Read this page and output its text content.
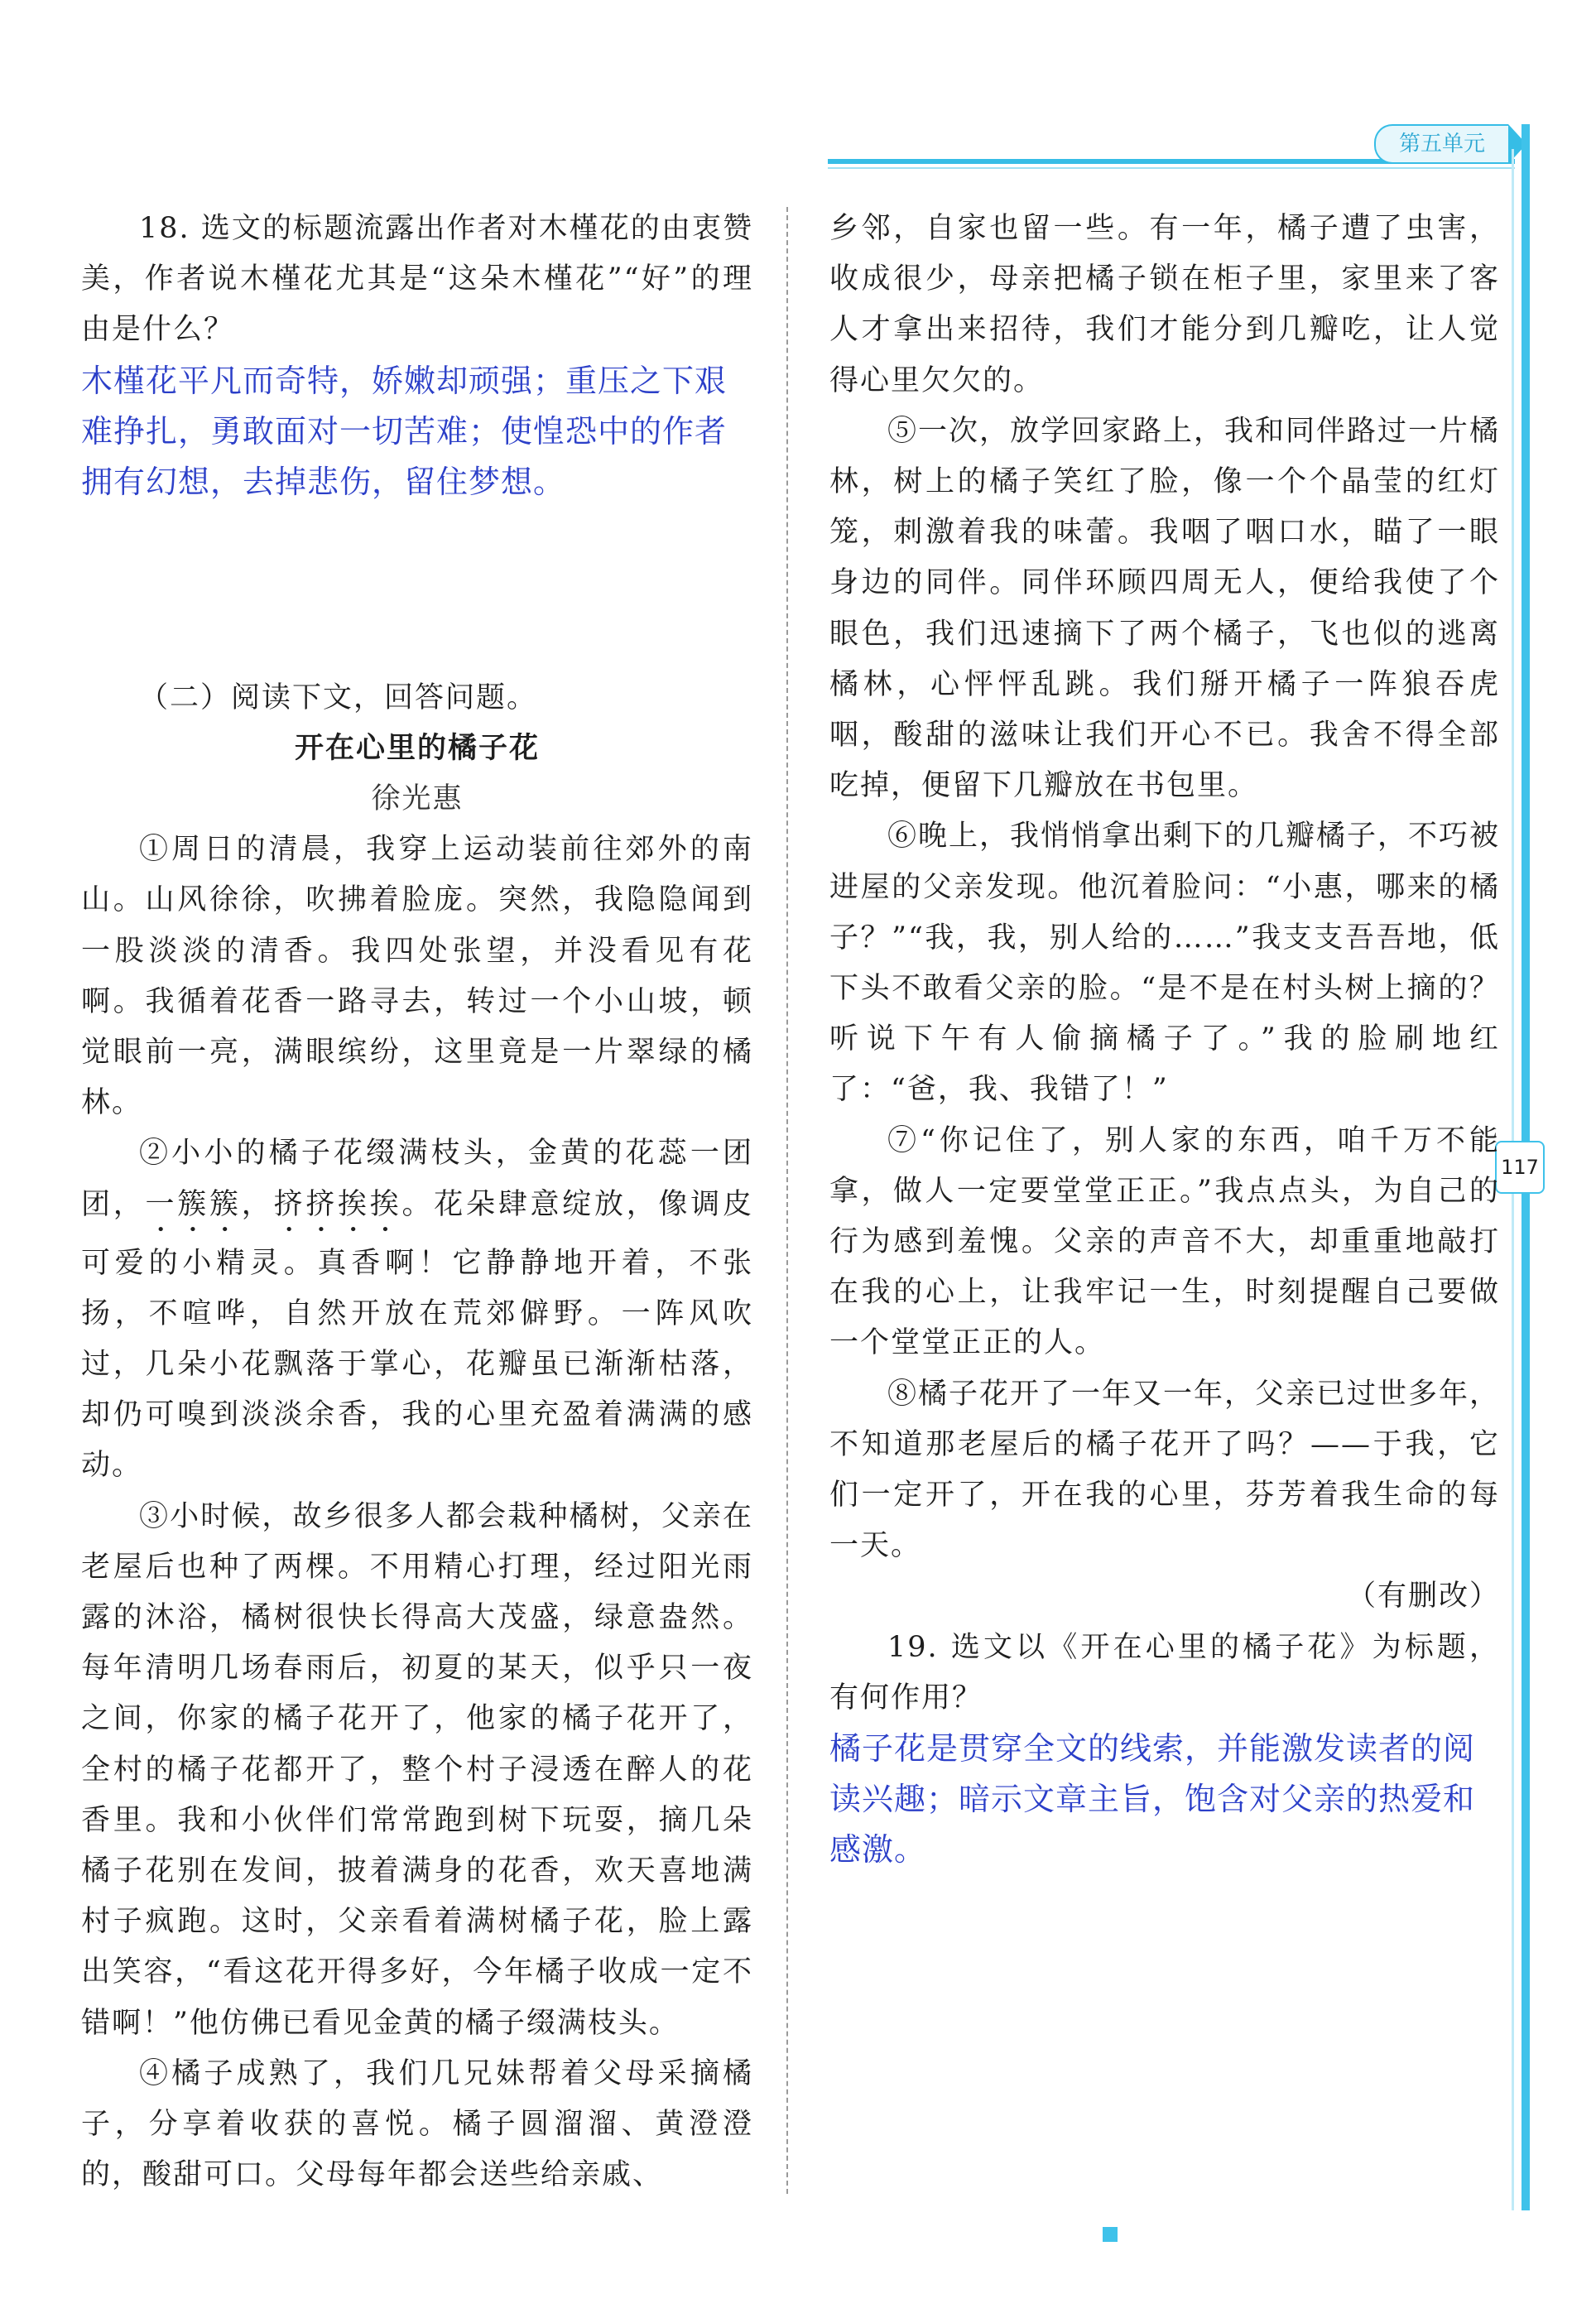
第五单元
117

18. 选文的标题流露出作者对木槿花的由衷赞美，作者说木槿花尤其是“这朵木槿花”“好”的理由是什么？

木槿花平凡而奇特，娇嫩却顽强；重压之下艰难挣扎，勇敢面对一切苦难；使惶恐中的作者拥有幻想，去掉悲伤，留住梦想。

（二）阅读下文，回答问题。

开在心里的橘子花

徐光惠

①周日的清晨，我穿上运动装前往郊外的南山。山风徐徐，吹拂着脸庞。突然，我隐隐闻到一股淡淡的清香。我四处张望，并没看见有花啊。我循着花香一路寻去，转过一个小山坡，顿觉眼前一亮，满眼缤纷，这里竟是一片翠绿的橘林。

②小小的橘子花缀满枝头，金黄的花蕊一团团，一簇簇，挤挤挨挨。花朵肆意绽放，像调皮可爱的小精灵。真香啊！它静静地开着，不张扬，不喧哗，自然开放在荒郊僻野。一阵风吹过，几朵小花飘落于掌心，花瓣虽已渐渐枯落，却仍可嗅到淡淡余香，我的心里充盈着满满的感动。

③小时候，故乡很多人都会栽种橘树，父亲在老屋后也种了两棵。不用精心打理，经过阳光雨露的沐浴，橘树很快长得高大茂盛，绿意盎然。每年清明几场春雨后，初夏的某天，似乎只一夜之间，你家的橘子花开了，他家的橘子花开了，全村的橘子花都开了，整个村子浸透在醉人的花香里。我和小伙伴们常常跑到树下玩耍，摘几朵橘子花别在发间，披着满身的花香，欢天喜地满村子疯跑。这时，父亲看着满树橘子花，脸上露出笑容，“看这花开得多好，今年橘子收成一定不错啊！”他仿佛已看见金黄的橘子缀满枝头。

④橘子成熟了，我们几兄妹帮着父母采摘橘子，分享着收获的喜悦。橘子圆溜溜、黄澄澄的，酸甜可口。父母每年都会送些给亲戚、

乡邻，自家也留一些。有一年，橘子遭了虫害，收成很少，母亲把橘子锁在柜子里，家里来了客人才拿出来招待，我们才能分到几瓣吃，让人觉得心里欠欠的。

⑤一次，放学回家路上，我和同伴路过一片橘林，树上的橘子笑红了脸，像一个个晶莹的红灯笼，刺激着我的味蕾。我咽了咽口水，瞄了一眼身边的同伴。同伴环顾四周无人，便给我使了个眼色，我们迅速摘下了两个橘子，飞也似的逃离橘林，心怦怦乱跳。我们掰开橘子一阵狼吞虎咽，酸甜的滋味让我们开心不已。我舍不得全部吃掉，便留下几瓣放在书包里。

⑥晚上，我悄悄拿出剩下的几瓣橘子，不巧被进屋的父亲发现。他沉着脸问：“小惠，哪来的橘子？”“我，我，别人给的……”我支支吾吾地，低下头不敢看父亲的脸。“是不是在村头树上摘的？听说下午有人偷摘橘子了。”我的脸刷地红了：“爸，我、我错了！”

⑦“你记住了，别人家的东西，咱千万不能拿，做人一定要堂堂正正。”我点点头，为自己的行为感到羞愧。父亲的声音不大，却重重地敲打在我的心上，让我牢记一生，时刻提醒自己要做一个堂堂正正的人。

⑧橘子花开了一年又一年，父亲已过世多年，不知道那老屋后的橘子花开了吗？——于我，它们一定开了，开在我的心里，芬芳着我生命的每一天。

（有删改）

19. 选文以《开在心里的橘子花》为标题，有何作用？

橘子花是贯穿全文的线索，并能激发读者的阅读兴趣；暗示文章主旨，饱含对父亲的热爱和感激。
